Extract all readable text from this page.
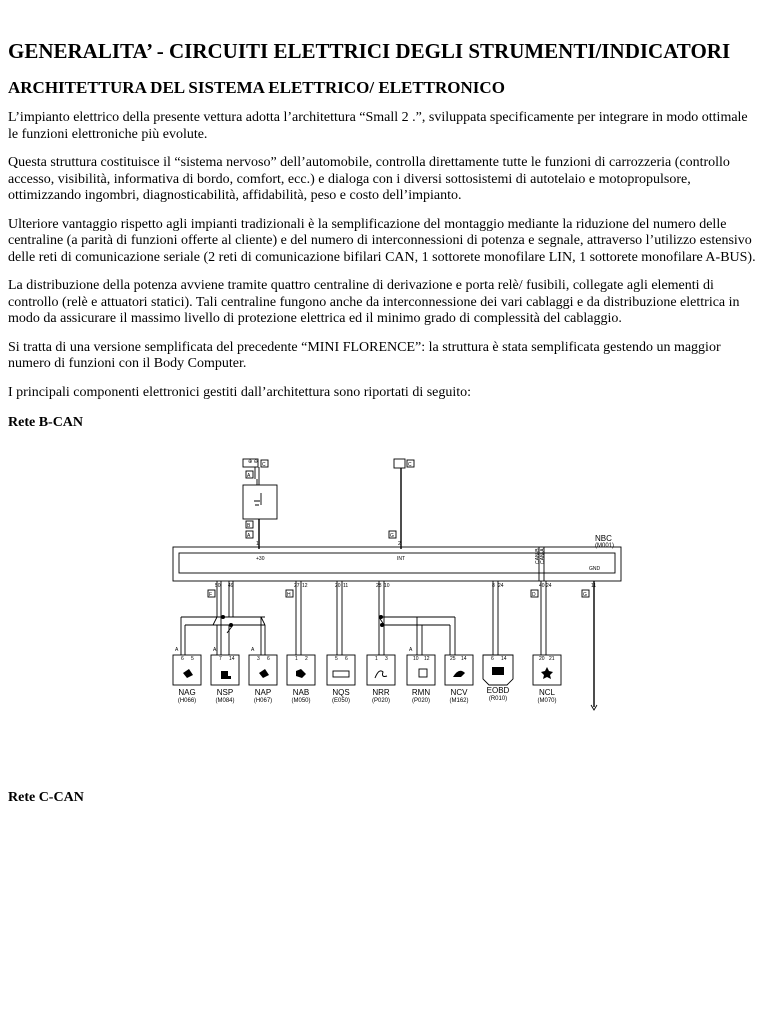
GENERALITA’ - CIRCUITI ELETTRICI DEGLI STRUMENTI/INDICATORI
ARCHITETTURA DEL SISTEMA ELETTRICO/ ELETTRONICO

L’impianto elettrico della presente vettura adotta l’architettura “Small 2 .”, sviluppata specificamente per integrare in modo ottimale le funzioni elettroniche più evolute.

Questa struttura costituisce il “sistema nervoso” dell’automobile, controlla direttamente tutte le funzioni di carrozzeria (controllo accesso, visibilità, informativa di bordo, comfort, ecc.) e dialoga con i diversi sottosistemi di autotelaio e motopropulsore, ottimizzando ingombri, diagnosticabilità, affidabilità, peso e costo dell’impianto.

Ulteriore vantaggio rispetto agli impianti tradizionali è la semplificazione del montaggio mediante la riduzione del numero delle centraline (a parità di funzioni offerte al cliente) e del numero di interconnessioni di potenza e segnale, attraverso l’utilizzo estensivo delle reti di comunicazione seriale (2 reti di comunicazione bifilari CAN, 1 sottorete monofilare LIN, 1 sottorete monofilare A-BUS).

La distribuzione della potenza avviene tramite quattro centraline di derivazione e porta relè/ fusibili, collegate agli elementi di controllo (relè e attuatori statici). Tali centraline fungono anche da interconnessione dei vari cablaggi e da distribuzione elettrica in modo da assicurare il massimo livello di protezione elettrica ed il minimo grado di complessità del cablaggio.

Si tratta di una versione semplificata del precedente “MINI FLORENCE”: la struttura è stata semplificata gestendo un maggior numero di funzioni con il Body Computer.

I principali componenti elettronici gestiti dall’architettura sono riportati di seguito:

Rete B-CAN
⊕ ⊖ C
A
B
A
C
G
+30	INT
GND
F	H	D	G
50 49	27 12	20 11	28 10	8 24	40 24	11
1	2
CAN-B CAN-A
A	A	A	A
6 5	7 14	3 6	1 2	5 6	1 3	10 12	25 14	6 14	20 21
NBC
(M001)
NAG	NSP	NAP	NAB	NQS	NRR	RMN	NCV EOBD	NCL
(H066)	(M084)	(H067)	(M050)	(E050)	(P020)	(P020)	(M162)	(R010)	(M070)
Rete C-CAN
